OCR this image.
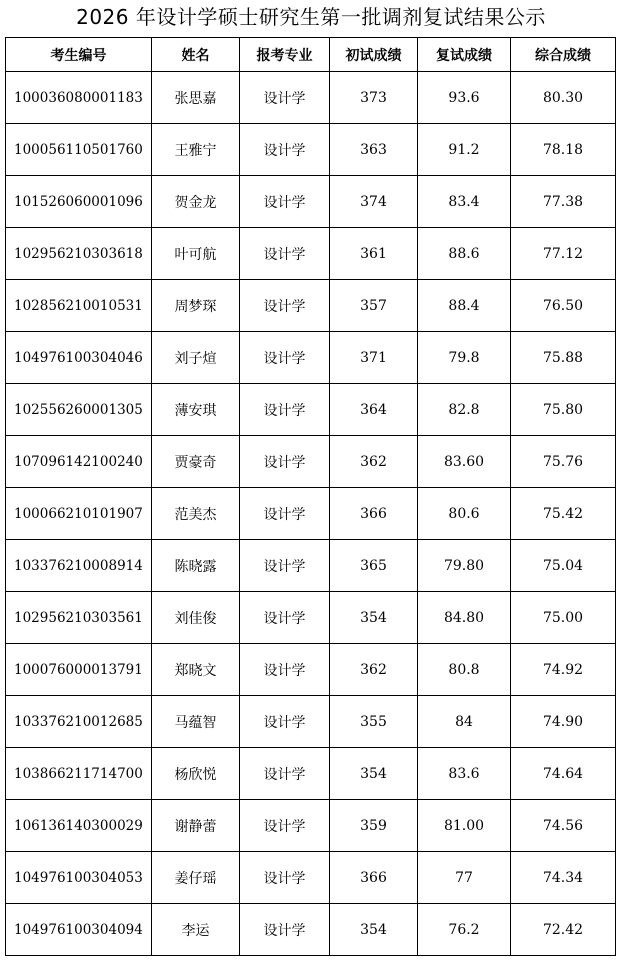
2026 年设计学硕士研究生第一批调剂复试结果公示
考生编号	姓名	报考专业	初试成绩	复试成绩	综合成绩
100036080001183	张思嘉	设计学	373	93.6	80.30
100056110501760	王雅宁	设计学	363	91.2	78.18
101526060001096	贺金龙	设计学	374	83.4	77.38
102956210303618	叶可航	设计学	361	88.6	77.12
102856210010531	周梦琛	设计学	357	88.4	76.50
104976100304046	刘子煊	设计学	371	79.8	75.88
102556260001305	薄安琪	设计学	364	82.8	75.80
107096142100240	贾豪奇	设计学	362	83.60	75.76
100066210101907	范美杰	设计学	366	80.6	75.42
103376210008914	陈晓露	设计学	365	79.80	75.04
102956210303561	刘佳俊	设计学	354	84.80	75.00
100076000013791	郑晓文	设计学	362	80.8	74.92
103376210012685	马蕴智	设计学	355	84	74.90
103866211714700	杨欣悦	设计学	354	83.6	74.64
106136140300029	谢静蕾	设计学	359	81.00	74.56
104976100304053	姜仔瑶	设计学	366	77	74.34
104976100304094	李运	设计学	354	76.2	72.42
